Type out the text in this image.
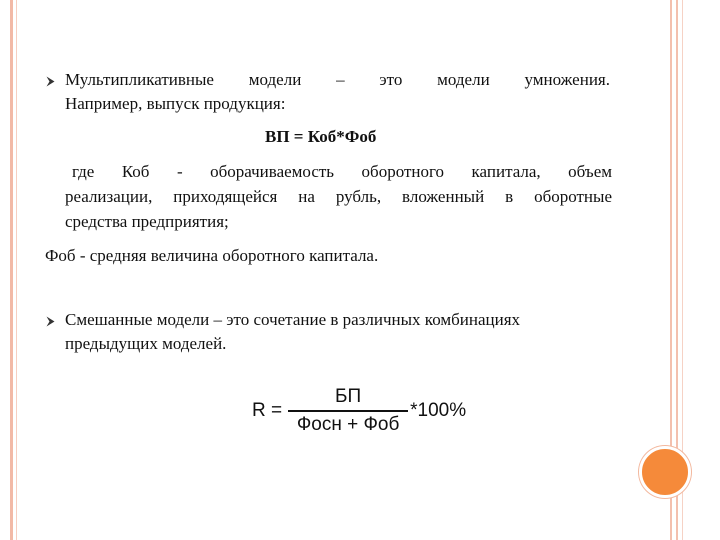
Мультипликативные модели – это модели умножения.
Например, выпуск продукция:
ВП = Коб*Фоб
где Коб - оборачиваемость оборотного капитала, объем
реализации, приходящейся на рубль, вложенный в оборотные
средства предприятия;
Фоб - средняя величина оборотного капитала.
Смешанные модели – это сочетание в различных комбинациях
предыдущих моделей.
$R = \frac{БП}{\text{Фосн + Фоб}} *100\%$
